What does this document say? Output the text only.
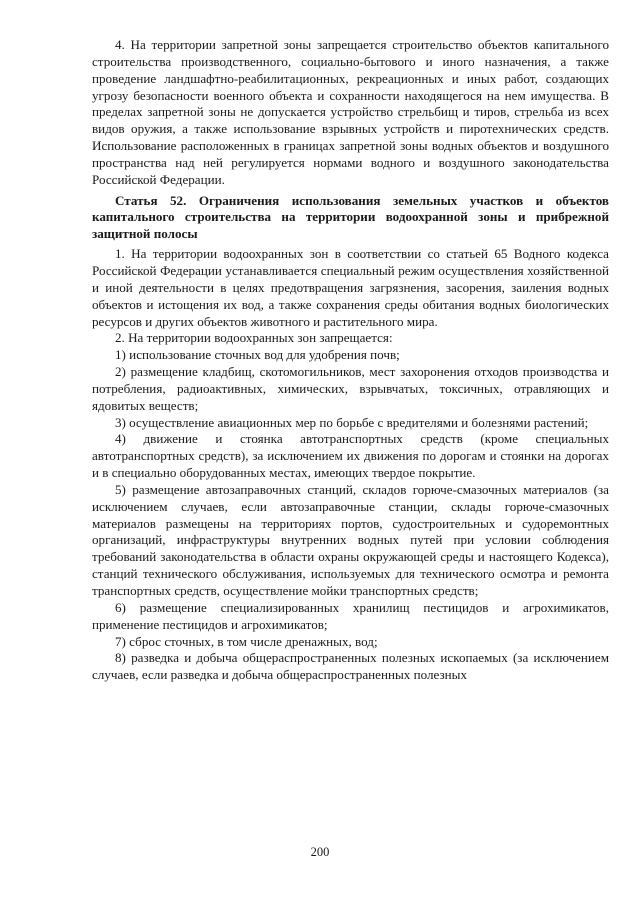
4. На территории запретной зоны запрещается строительство объектов капитального строительства производственного, социально-бытового и иного назначения, а также проведение ландшафтно-реабилитационных, рекреационных и иных работ, создающих угрозу безопасности военного объекта и сохранности находящегося на нем имущества. В пределах запретной зоны не допускается устройство стрельбищ и тиров, стрельба из всех видов оружия, а также использование взрывных устройств и пиротехнических средств. Использование расположенных в границах запретной зоны водных объектов и воздушного пространства над ней регулируется нормами водного и воздушного законодательства Российской Федерации.

Статья 52. Ограничения использования земельных участков и объектов капитального строительства на территории водоохранной зоны и прибрежной защитной полосы

1. На территории водоохранных зон в соответствии со статьей 65 Водного кодекса Российской Федерации устанавливается специальный режим осуществления хозяйственной и иной деятельности в целях предотвращения загрязнения, засорения, заиления водных объектов и истощения их вод, а также сохранения среды обитания водных биологических ресурсов и других объектов животного и растительного мира.

2. На территории водоохранных зон запрещается:

1) использование сточных вод для удобрения почв;

2) размещение кладбищ, скотомогильников, мест захоронения отходов производства и потребления, радиоактивных, химических, взрывчатых, токсичных, отравляющих и ядовитых веществ;

3) осуществление авиационных мер по борьбе с вредителями и болезнями растений;

4) движение и стоянка автотранспортных средств (кроме специальных автотранспортных средств), за исключением их движения по дорогам и стоянки на дорогах и в специально оборудованных местах, имеющих твердое покрытие.

5) размещение автозаправочных станций, складов горюче-смазочных материалов (за исключением случаев, если автозаправочные станции, склады горюче-смазочных материалов размещены на территориях портов, судостроительных и судоремонтных организаций, инфраструктуры внутренних водных путей при условии соблюдения требований законодательства в области охраны окружающей среды и настоящего Кодекса), станций технического обслуживания, используемых для технического осмотра и ремонта транспортных средств, осуществление мойки транспортных средств;

6) размещение специализированных хранилищ пестицидов и агрохимикатов, применение пестицидов и агрохимикатов;

7) сброс сточных, в том числе дренажных, вод;

8) разведка и добыча общераспространенных полезных ископаемых (за исключением случаев, если разведка и добыча общераспространенных полезных

200
